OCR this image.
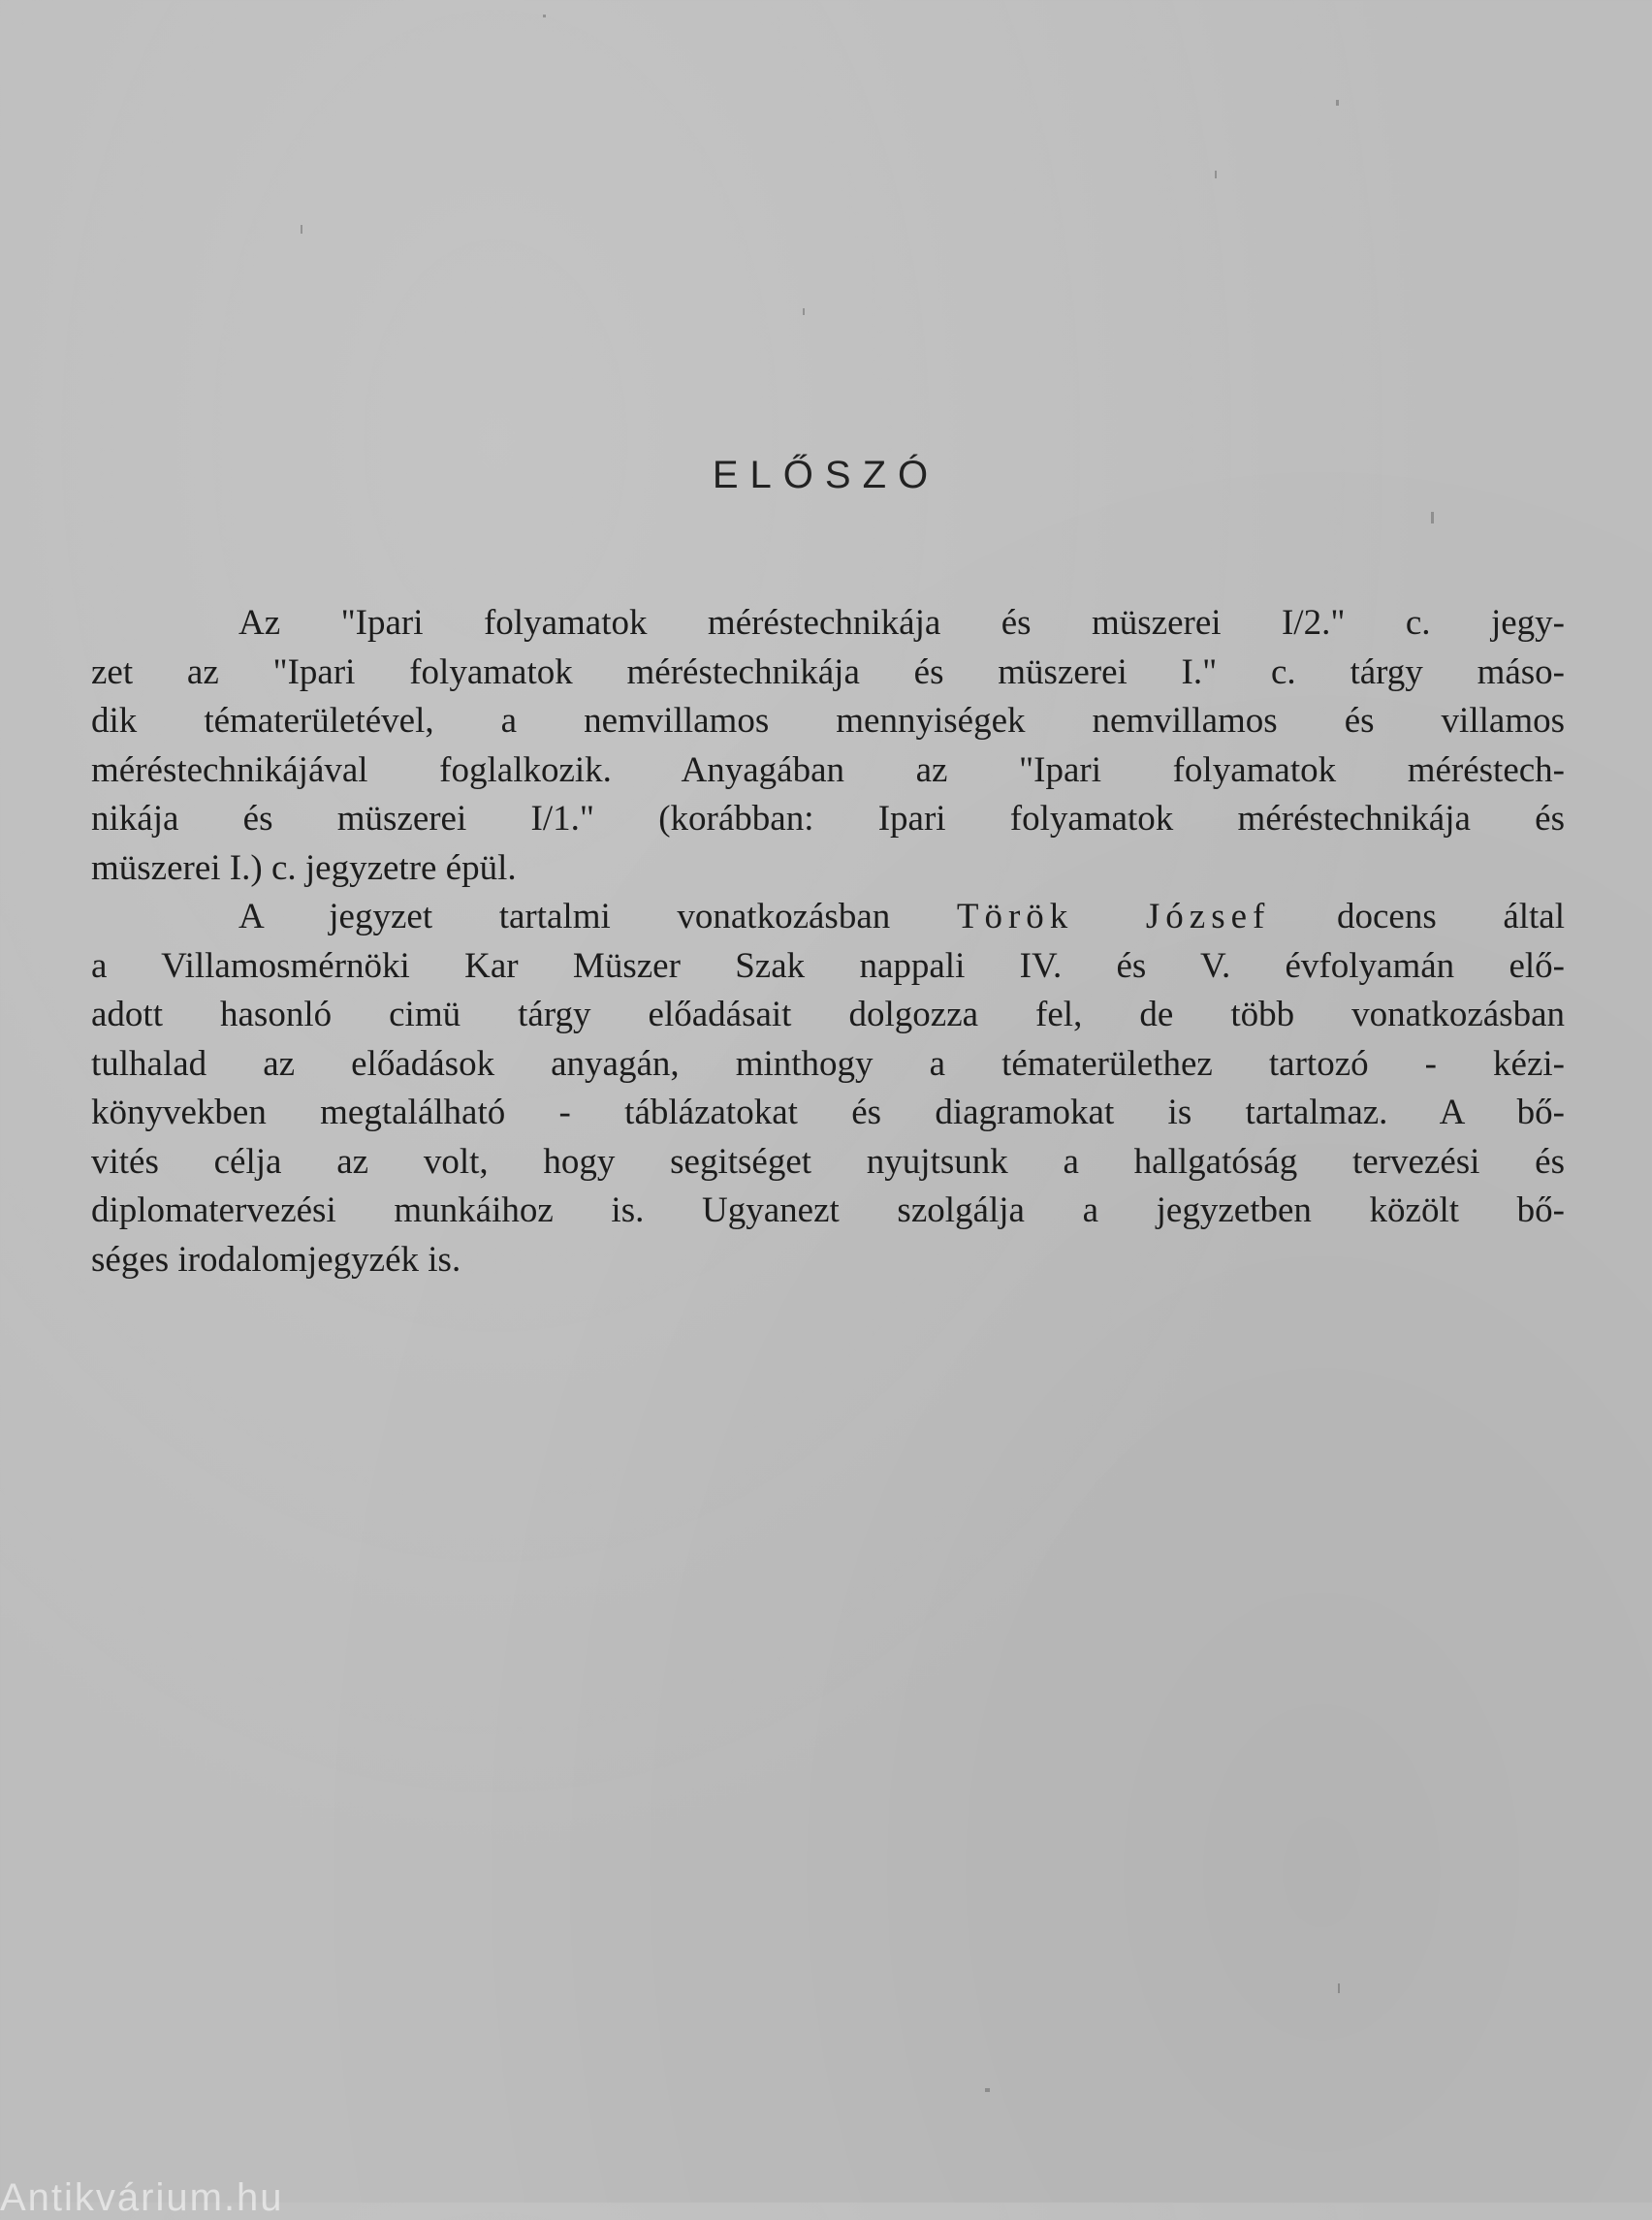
ELŐSZÓ
Az "Ipari folyamatok méréstechnikája és müszerei I/2." c. jegy-
zet az "Ipari folyamatok méréstechnikája és müszerei I." c. tárgy máso-
dik tématerületével, a nemvillamos mennyiségek nemvillamos és villamos
méréstechnikájával foglalkozik. Anyagában az "Ipari folyamatok méréstech-
nikája és müszerei I/1." (korábban: Ipari folyamatok méréstechnikája és
müszerei I.) c. jegyzetre épül.
A jegyzet tartalmi vonatkozásban Török József docens által
a Villamosmérnöki Kar Müszer Szak nappali IV. és V. évfolyamán elő-
adott hasonló cimü tárgy előadásait dolgozza fel, de több vonatkozásban
tulhalad az előadások anyagán, minthogy a tématerülethez tartozó - kézi-
könyvekben megtalálható - táblázatokat és diagramokat is tartalmaz. A bő-
vités célja az volt, hogy segitséget nyujtsunk a hallgatóság tervezési és
diplomatervezési munkáihoz is. Ugyanezt szolgálja a jegyzetben közölt bő-
séges irodalomjegyzék is.
Antikvárium.hu
